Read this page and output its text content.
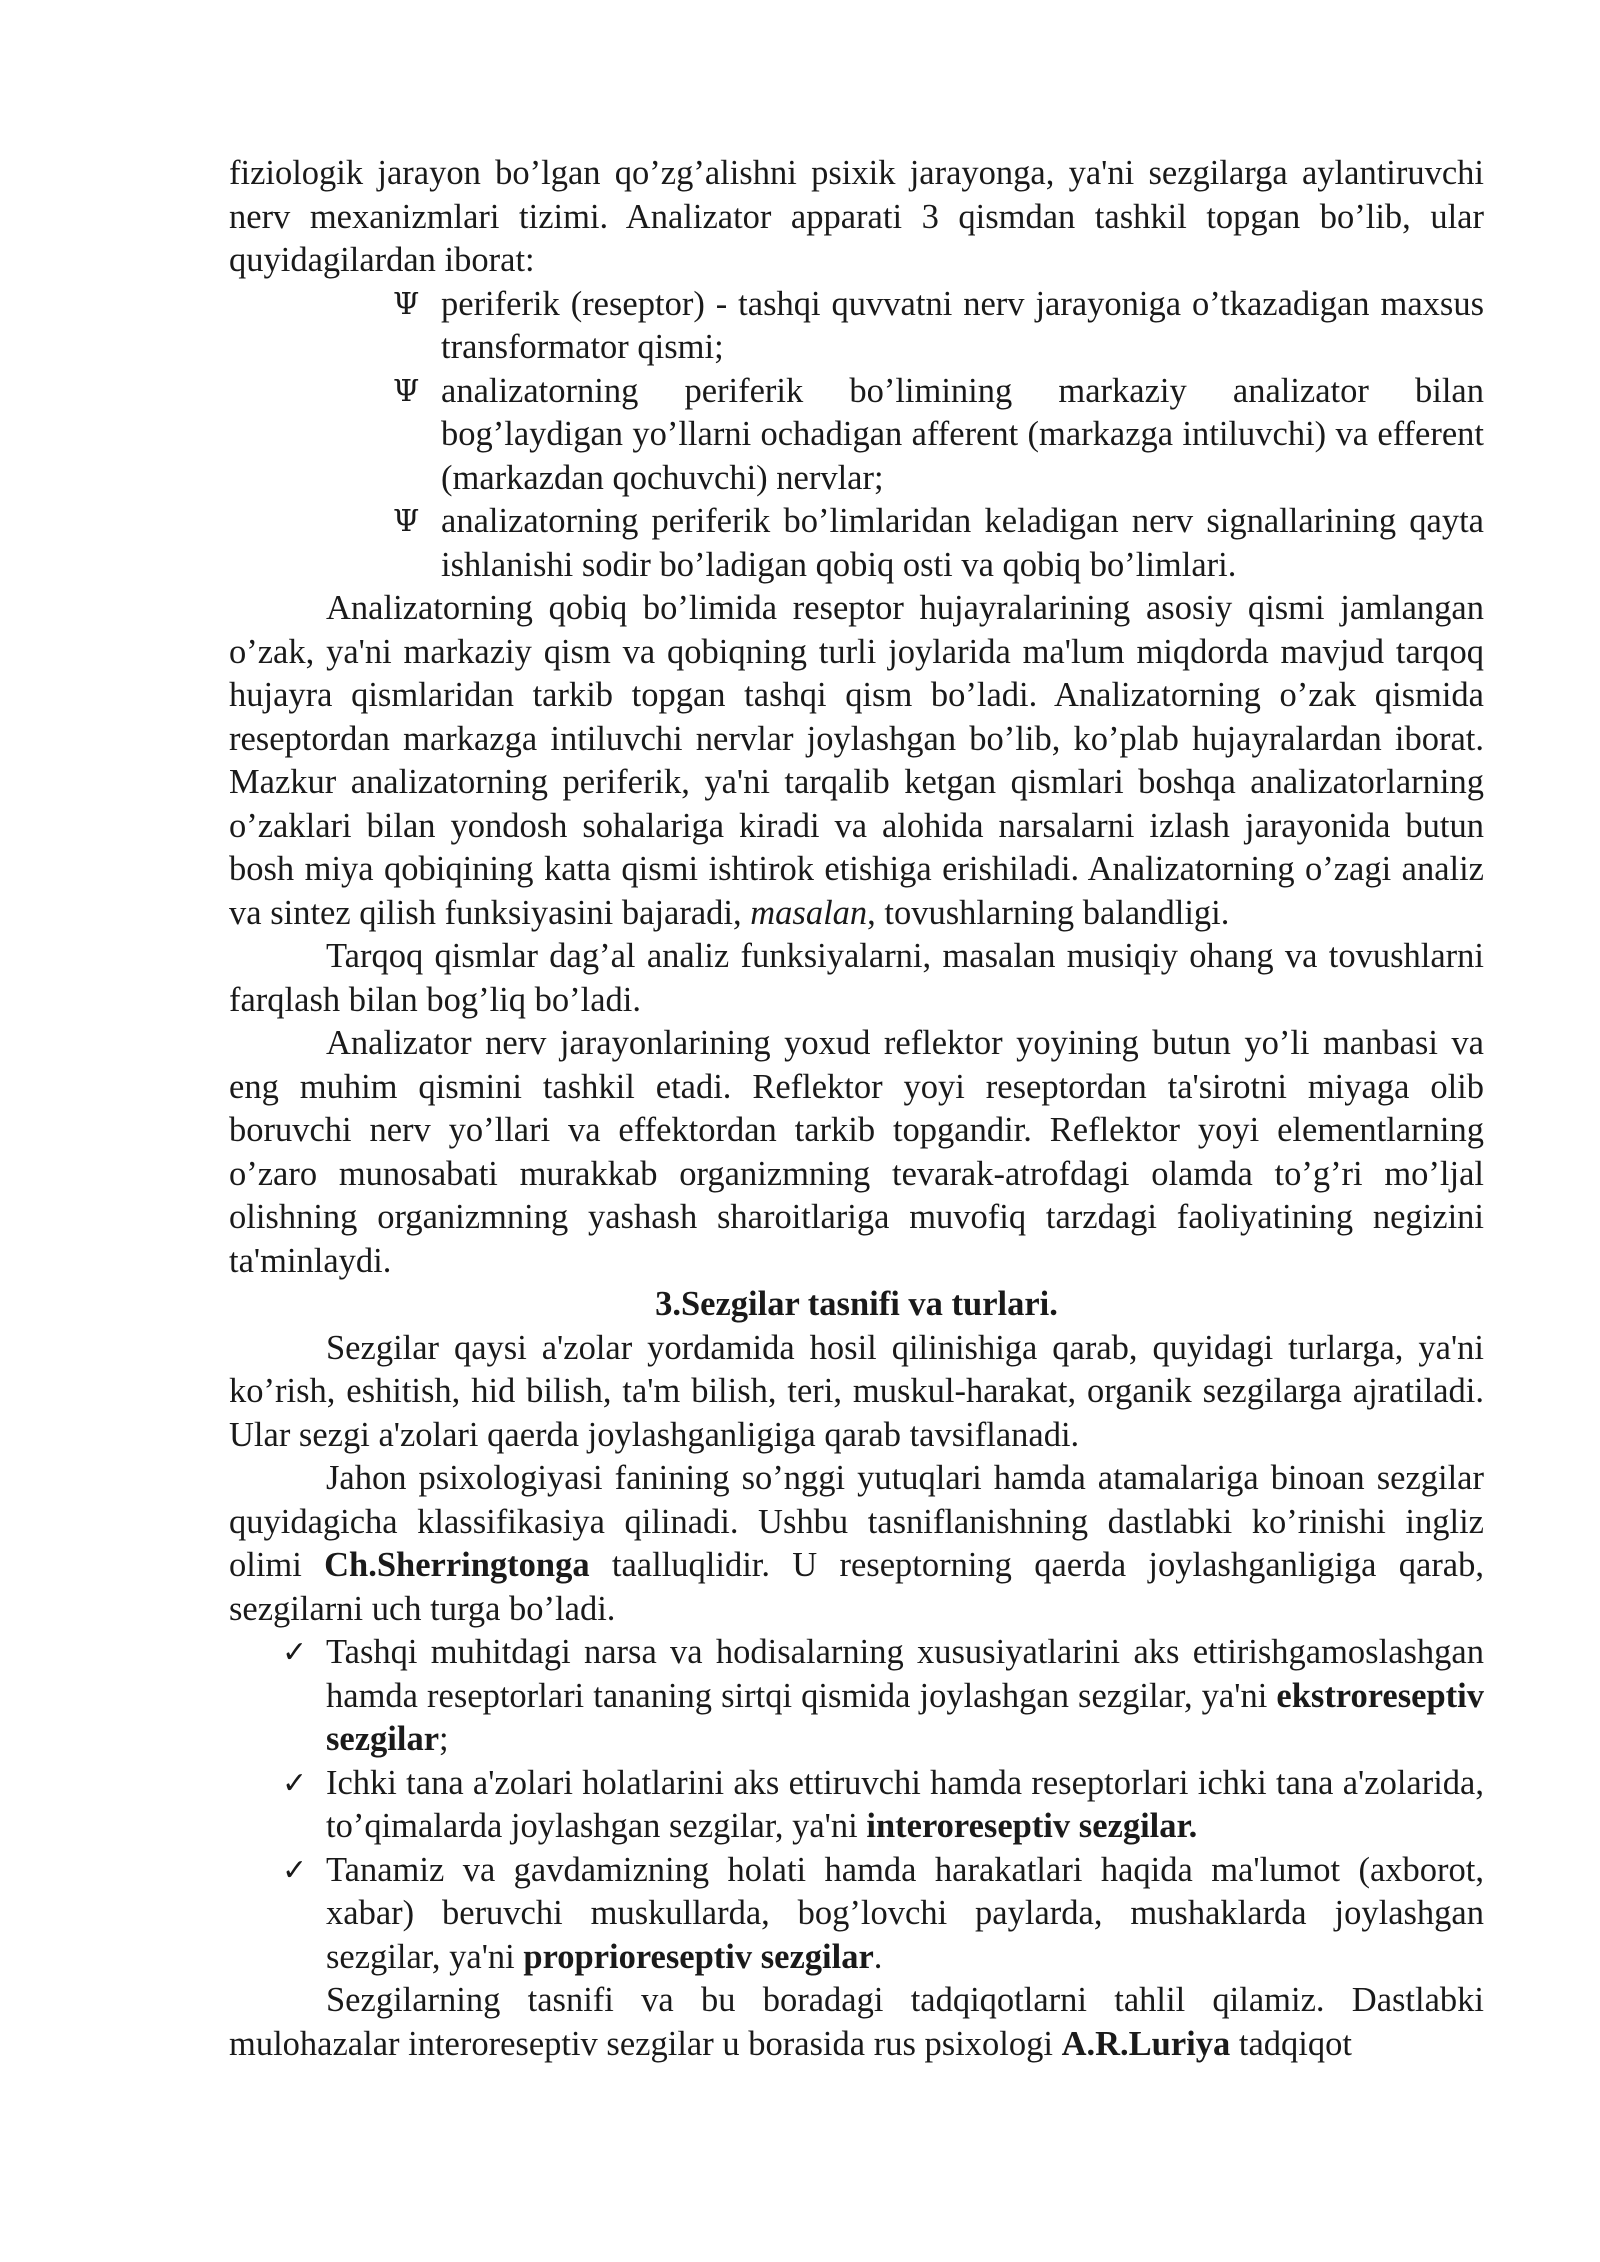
fiziologik jarayon bo’lgan qo’zg’alishni psixik jarayonga, ya'ni sezgilarga aylantiruvchi nerv mexanizmlari tizimi. Analizator apparati 3 qismdan tashkil topgan bo’lib, ular quyidagilardan iborat:

Ψ periferik (reseptor) - tashqi quvvatni nerv jarayoniga o’tkazadigan maxsus transformator qismi;
Ψ analizatorning periferik bo’limining markaziy analizator bilan bog’laydigan yo’llarni ochadigan afferent (markazga intiluvchi) va efferent (markazdan qochuvchi) nervlar;
Ψ analizatorning periferik bo’limlaridan keladigan nerv signallarining qayta ishlanishi sodir bo’ladigan qobiq osti va qobiq bo’limlari.

Analizatorning qobiq bo’limida reseptor hujayralarining asosiy qismi jamlangan o’zak, ya'ni markaziy qism va qobiqning turli joylarida ma'lum miqdorda mavjud tarqoq hujayra qismlaridan tarkib topgan tashqi qism bo’ladi. Analizatorning o’zak qismida reseptordan markazga intiluvchi nervlar joylashgan bo’lib, ko’plab hujayralardan iborat. Mazkur analizatorning periferik, ya'ni tarqalib ketgan qismlari boshqa analizatorlarning o’zaklari bilan yondosh sohalariga kiradi va alohida narsalarni izlash jarayonida butun bosh miya qobiqining katta qismi ishtirok etishiga erishiladi. Analizatorning o’zagi analiz va sintez qilish funksiyasini bajaradi, masalan, tovushlarning balandligi.

Tarqoq qismlar dag’al analiz funksiyalarni, masalan musiqiy ohang va tovushlarni farqlash bilan bog’liq bo’ladi.

Analizator nerv jarayonlarining yoxud reflektor yoyining butun yo’li manbasi va eng muhim qismini tashkil etadi. Reflektor yoyi reseptordan ta'sirotni miyaga olib boruvchi nerv yo’llari va effektordan tarkib topgandir. Reflektor yoyi elementlarning o’zaro munosabati murakkab organizmning tevarak-atrofdagi olamda to’g’ri mo’ljal olishning organizmning yashash sharoitlariga muvofiq tarzdagi faoliyatining negizini ta'minlaydi.

3.Sezgilar tasnifi va turlari.

Sezgilar qaysi a'zolar yordamida hosil qilinishiga qarab, quyidagi turlarga, ya'ni ko’rish, eshitish, hid bilish, ta'm bilish, teri, muskul-harakat, organik sezgilarga ajratiladi. Ular sezgi a'zolari qaerda joylashganligiga qarab tavsiflanadi.

Jahon psixologiyasi fanining so’nggi yutuqlari hamda atamalariga binoan sezgilar quyidagicha klassifikasiya qilinadi. Ushbu tasniflanishning dastlabki ko’rinishi ingliz olimi Ch.Sherringtonga taalluqlidir. U reseptorning qaerda joylashganligiga qarab, sezgilarni uch turga bo’ladi.

✓ Tashqi muhitdagi narsa va hodisalarning xususiyatlarini aks ettirishgamoslashgan hamda reseptorlari tananing sirtqi qismida joylashgan sezgilar, ya'ni ekstroreseptiv sezgilar;
✓ Ichki tana a'zolari holatlarini aks ettiruvchi hamda reseptorlari ichki tana a'zolarida, to’qimalarda joylashgan sezgilar, ya'ni interoreseptiv sezgilar.
✓ Tanamiz va gavdamizning holati hamda harakatlari haqida ma'lumot (axborot, xabar) beruvchi muskullarda, bog’lovchi paylarda, mushaklarda joylashgan sezgilar, ya'ni proprioreseptiv sezgilar.

Sezgilarning tasnifi va bu boradagi tadqiqotlarni tahlil qilamiz. Dastlabki mulohazalar interoreseptiv sezgilar u borasida rus psixologi A.R.Luriya tadqiqot
